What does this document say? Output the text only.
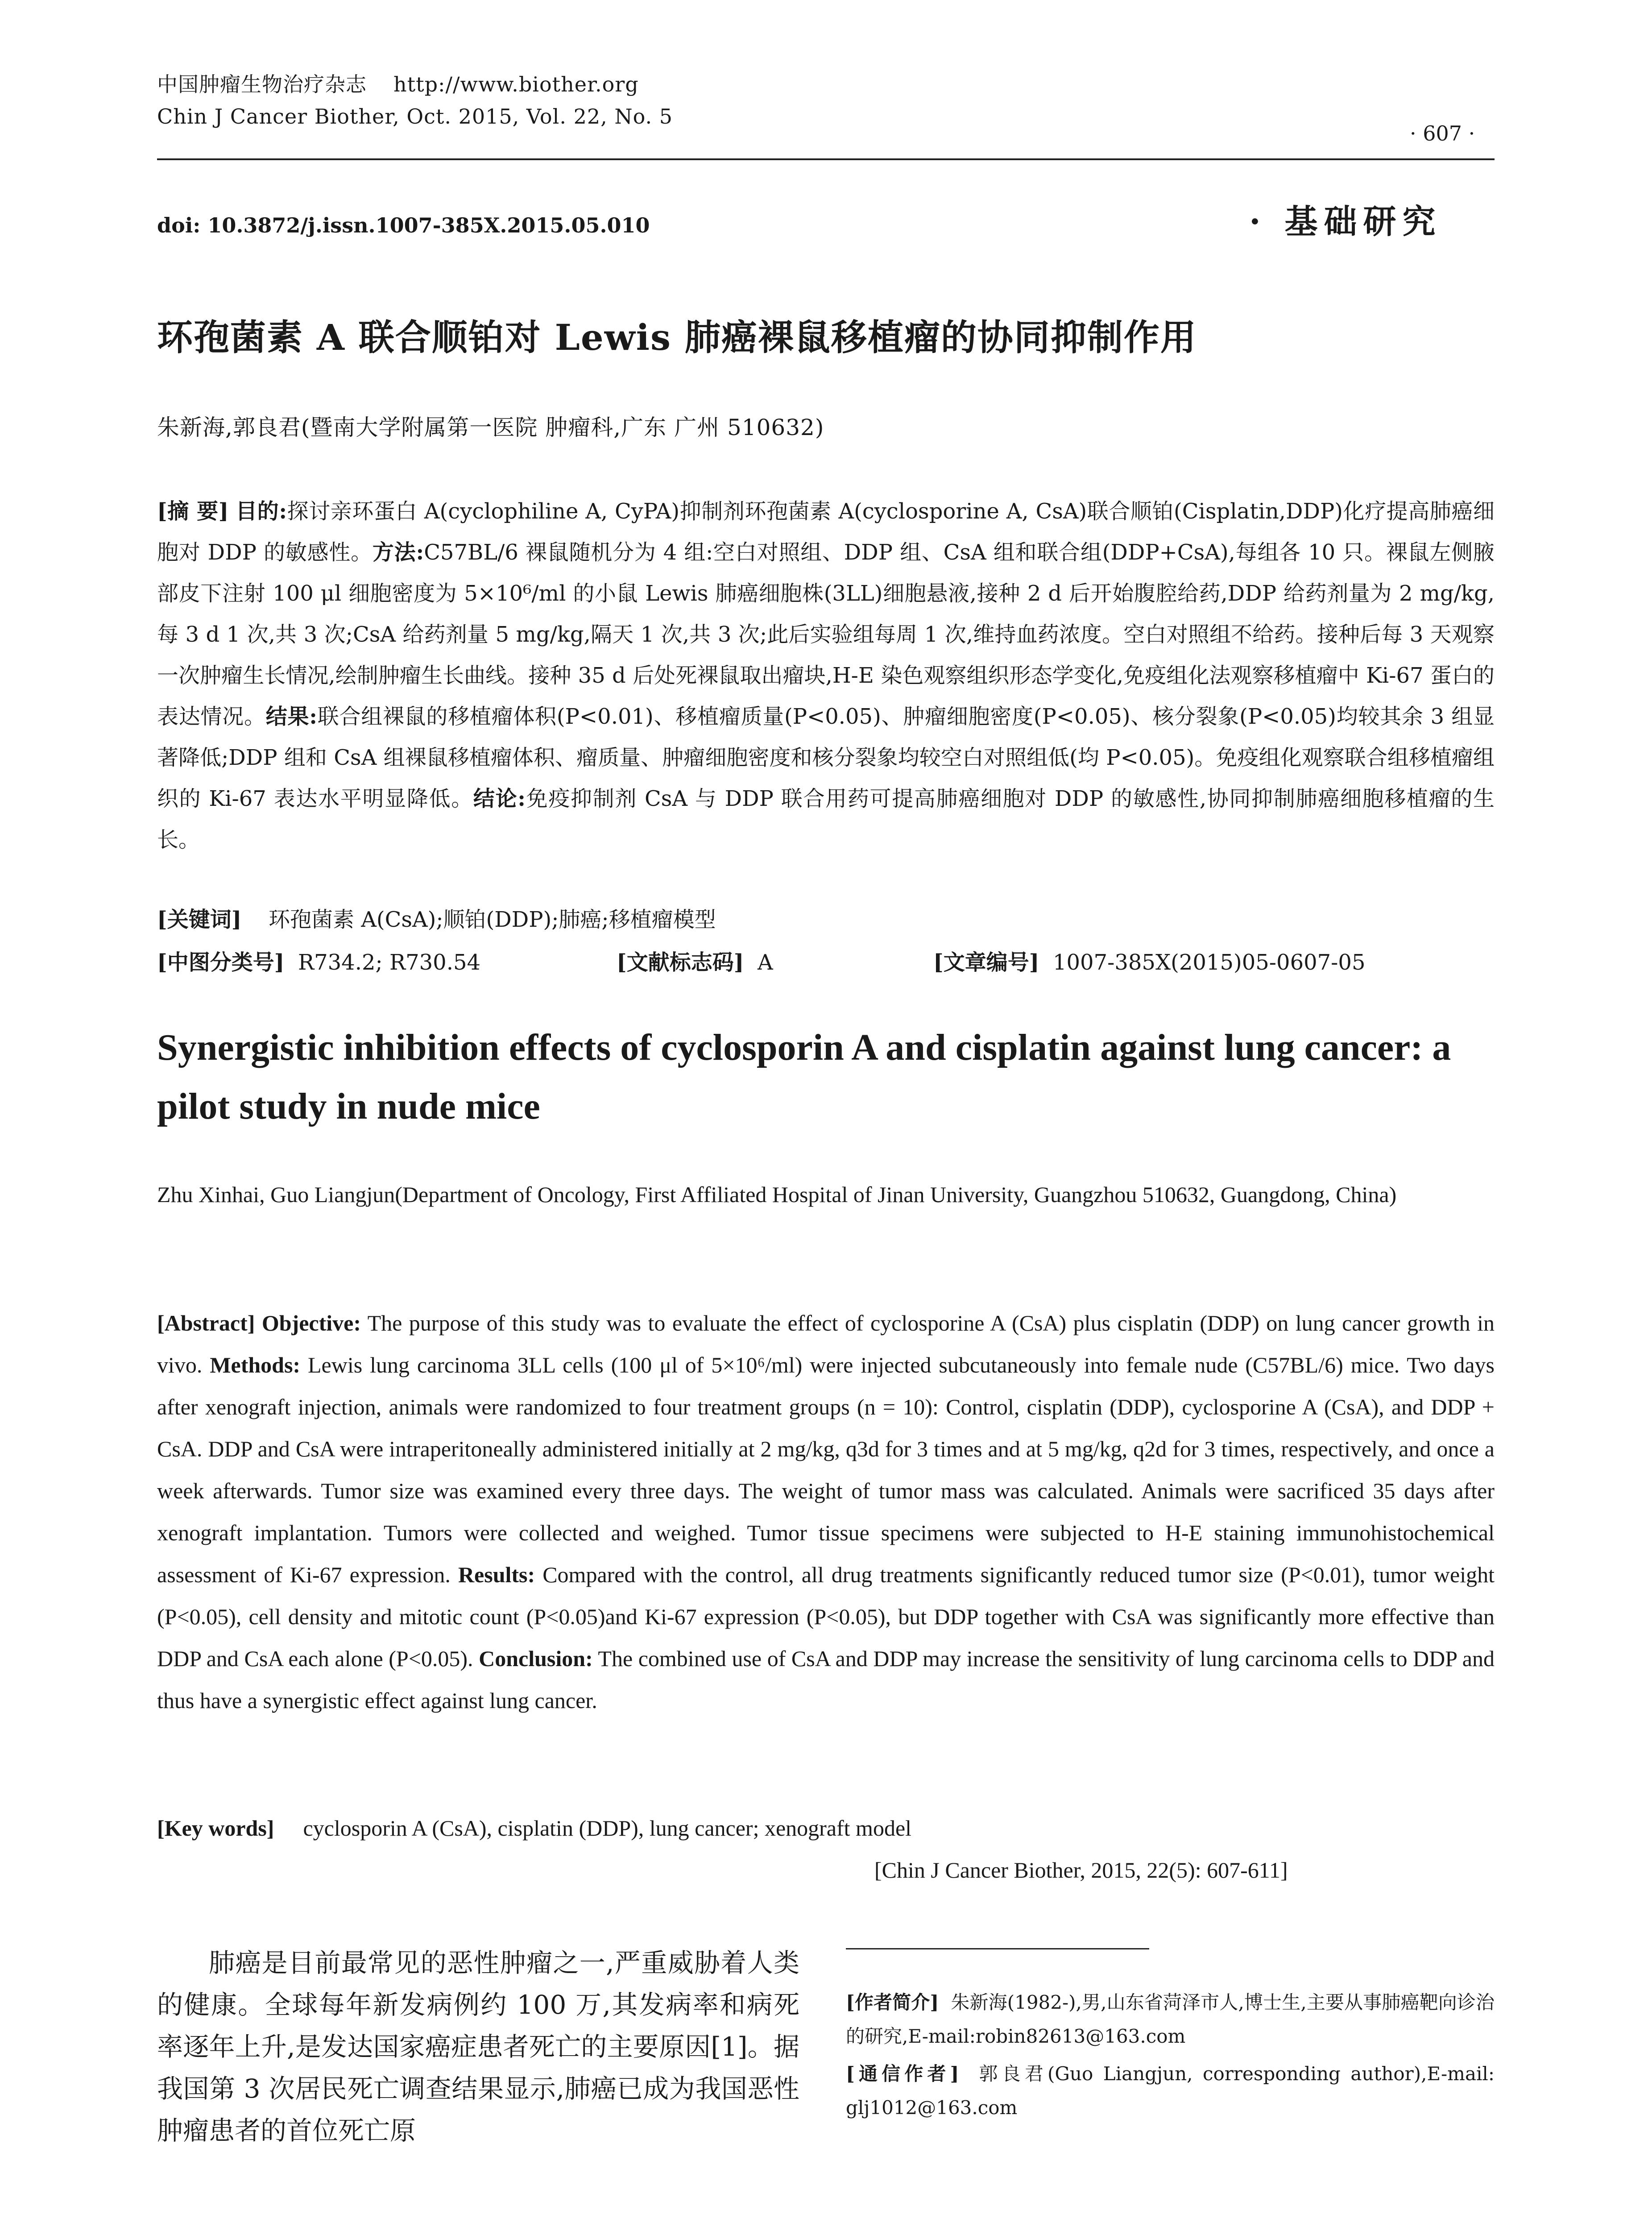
中国肿瘤生物治疗杂志 http://www.biother.org
Chin J Cancer Biother, Oct. 2015, Vol. 22, No. 5
· 607 ·
doi: 10.3872/j.issn.1007-385X.2015.05.010	· 基础研究
环孢菌素 A 联合顺铂对 Lewis 肺癌裸鼠移植瘤的协同抑制作用
朱新海,郭良君(暨南大学附属第一医院 肿瘤科,广东 广州 510632)
[摘 要] 目的:探讨亲环蛋白 A(cyclophiline A, CyPA)抑制剂环孢菌素 A(cyclosporine A, CsA)联合顺铂(Cisplatin,DDP)化疗提高肺癌细胞对 DDP 的敏感性。方法:C57BL/6 裸鼠随机分为 4 组:空白对照组、DDP 组、CsA 组和联合组(DDP+CsA),每组各 10 只。裸鼠左侧腋部皮下注射 100 μl 细胞密度为 5×10⁶/ml 的小鼠 Lewis 肺癌细胞株(3LL)细胞悬液,接种 2 d 后开始腹腔给药,DDP 给药剂量为 2 mg/kg,每 3 d 1 次,共 3 次;CsA 给药剂量 5 mg/kg,隔天 1 次,共 3 次;此后实验组每周 1 次,维持血药浓度。空白对照组不给药。接种后每 3 天观察一次肿瘤生长情况,绘制肿瘤生长曲线。接种 35 d 后处死裸鼠取出瘤块,H-E 染色观察组织形态学变化,免疫组化法观察移植瘤中 Ki-67 蛋白的表达情况。结果:联合组裸鼠的移植瘤体积(P<0.01)、移植瘤质量(P<0.05)、肿瘤细胞密度(P<0.05)、核分裂象(P<0.05)均较其余 3 组显著降低;DDP 组和 CsA 组裸鼠移植瘤体积、瘤质量、肿瘤细胞密度和核分裂象均较空白对照组低(均 P<0.05)。免疫组化观察联合组移植瘤组织的 Ki-67 表达水平明显降低。结论:免疫抑制剂 CsA 与 DDP 联合用药可提高肺癌细胞对 DDP 的敏感性,协同抑制肺癌细胞移植瘤的生长。
[关键词] 环孢菌素 A(CsA);顺铂(DDP);肺癌;移植瘤模型
[中图分类号] R734.2; R730.54	[文献标志码] A	[文章编号] 1007-385X(2015)05-0607-05
Synergistic inhibition effects of cyclosporin A and cisplatin against lung cancer: a
pilot study in nude mice
Zhu Xinhai, Guo Liangjun(Department of Oncology, First Affiliated Hospital of Jinan University, Guangzhou 510632, Guangdong, China)
[Abstract] Objective: The purpose of this study was to evaluate the effect of cyclosporine A (CsA) plus cisplatin (DDP) on lung cancer growth in vivo. Methods: Lewis lung carcinoma 3LL cells (100 μl of 5×10⁶/ml) were injected subcutaneously into female nude (C57BL/6) mice. Two days after xenograft injection, animals were randomized to four treatment groups (n = 10): Control, cisplatin (DDP), cyclosporine A (CsA), and DDP + CsA. DDP and CsA were intraperitoneally administered initially at 2 mg/kg, q3d for 3 times and at 5 mg/kg, q2d for 3 times, respectively, and once a week afterwards. Tumor size was examined every three days. The weight of tumor mass was calculated. Animals were sacrificed 35 days after xenograft implantation. Tumors were collected and weighed. Tumor tissue specimens were subjected to H-E staining immunohistochemical assessment of Ki-67 expression. Results: Compared with the control, all drug treatments significantly reduced tumor size (P<0.01), tumor weight (P<0.05), cell density and mitotic count (P<0.05)and Ki-67 expression (P<0.05), but DDP together with CsA was significantly more effective than DDP and CsA each alone (P<0.05). Conclusion: The combined use of CsA and DDP may increase the sensitivity of lung carcinoma cells to DDP and thus have a synergistic effect against lung cancer.
[Key words] cyclosporin A (CsA), cisplatin (DDP), lung cancer; xenograft model
[Chin J Cancer Biother, 2015, 22(5): 607-611]
肺癌是目前最常见的恶性肿瘤之一,严重威胁着人类的健康。全球每年新发病例约 100 万,其发病率和病死率逐年上升,是发达国家癌症患者死亡的主要原因[1]。据我国第 3 次居民死亡调查结果显示,肺癌已成为我国恶性肿瘤患者的首位死亡原
[作者简介] 朱新海(1982-),男,山东省菏泽市人,博士生,主要从事肺癌靶向诊治的研究,E-mail:robin82613@163.com
[通信作者] 郭良君(Guo Liangjun, corresponding author),E-mail: glj1012@163.com
